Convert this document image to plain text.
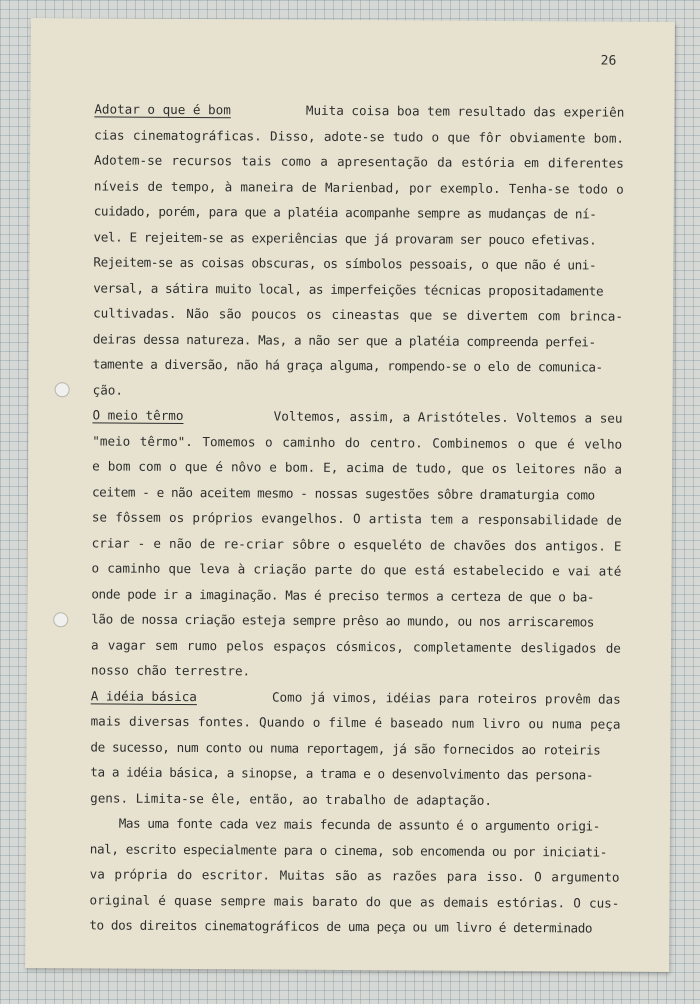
26
Adotar o que é bom	Muita coisa boa tem resultado das experiên
cias cinematográficas. Disso, adote-se tudo o que fôr obviamente bom.
Adotem-se recursos tais como a apresentação da estória em diferentes
níveis de tempo, à maneira de Marienbad, por exemplo. Tenha-se todo o
cuidado, porém, para que a platéia acompanhe sempre as mudanças de ní-
vel. E rejeitem-se as experiências que já provaram ser pouco efetivas.
Rejeitem-se as coisas obscuras, os símbolos pessoais, o que não é uni-
versal, a sátira muito local, as imperfeições técnicas propositadamente
cultivadas. Não são poucos os cineastas que se divertem com brinca-
deiras dessa natureza. Mas, a não ser que a platéia compreenda perfei-
tamente a diversão, não há graça alguma, rompendo-se o elo de comunica-
ção.
O meio têrmo	Voltemos, assim, a Aristóteles. Voltemos a seu
"meio têrmo". Tomemos o caminho do centro. Combinemos o que é velho
e bom com o que é nôvo e bom. E, acima de tudo, que os leitores não a
ceitem - e não aceitem mesmo - nossas sugestões sôbre dramaturgia como
se fôssem os próprios evangelhos. O artista tem a responsabilidade de
criar - e não de re-criar sôbre o esqueléto de chavões dos antigos. E
o caminho que leva à criação parte do que está estabelecido e vai até
onde pode ir a imaginação. Mas é preciso termos a certeza de que o ba-
lão de nossa criação esteja sempre prêso ao mundo, ou nos arriscaremos
a vagar sem rumo pelos espaços cósmicos, completamente desligados de
nosso chão terrestre.
A idéia básica	Como já vimos, idéias para roteiros provêm das
mais diversas fontes. Quando o filme é baseado num livro ou numa peça
de sucesso, num conto ou numa reportagem, já são fornecidos ao roteiris
ta a idéia básica, a sinopse, a trama e o desenvolvimento das persona-
gens. Limita-se êle, então, ao trabalho de adaptação.
Mas uma fonte cada vez mais fecunda de assunto é o argumento origi-
nal, escrito especialmente para o cinema, sob encomenda ou por iniciati-
va própria do escritor. Muitas são as razões para isso. O argumento
original é quase sempre mais barato do que as demais estórias. O cus-
to dos direitos cinematográficos de uma peça ou um livro é determinado
